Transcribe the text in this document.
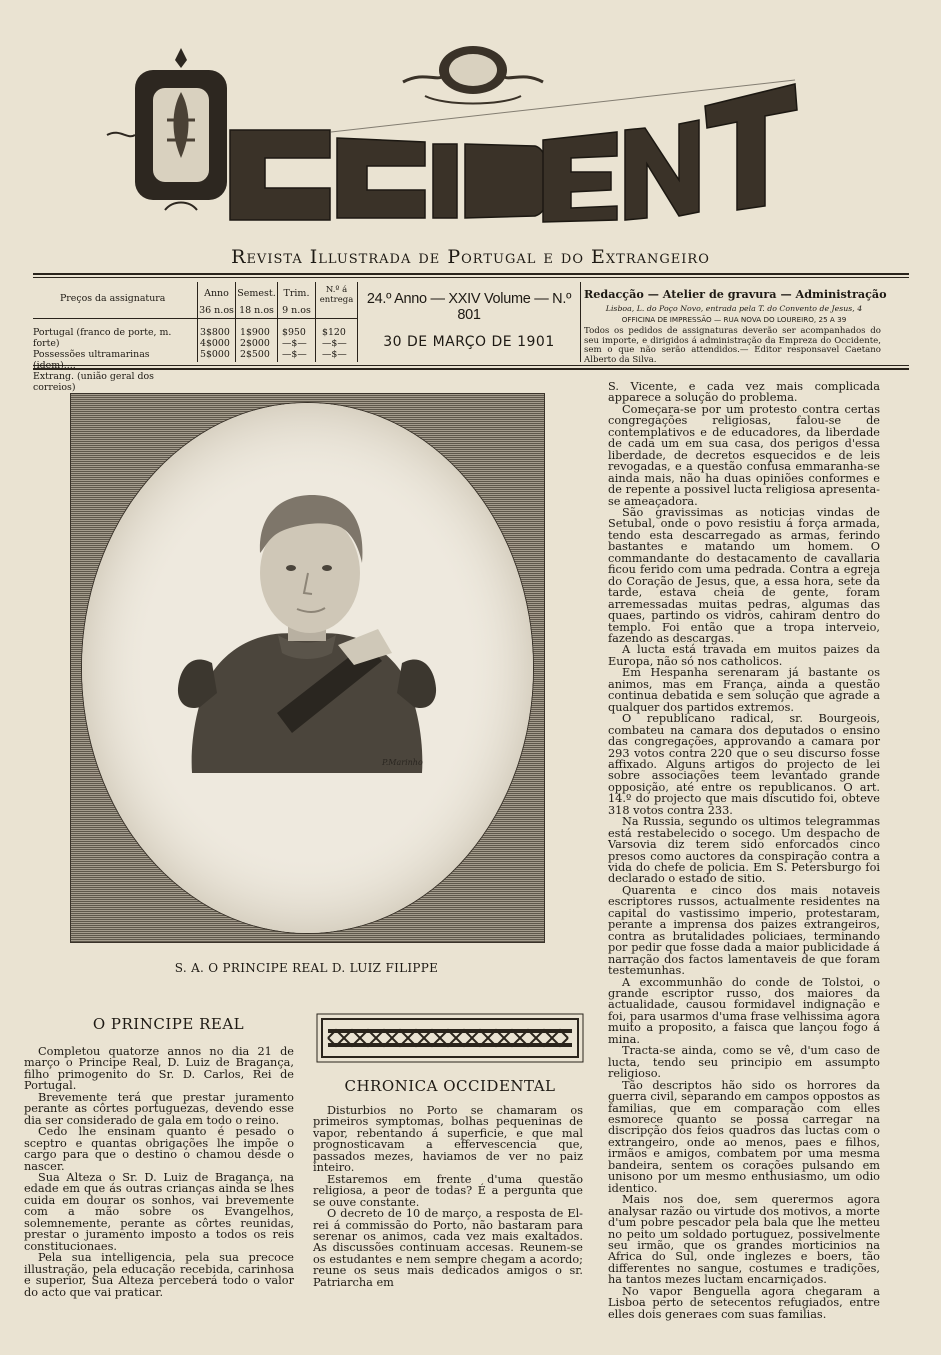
Revista Illustrada de Portugal e do Extrangeiro
Preços da assignatura	Anno
36 n.os
Semest.
18 n.os
Trim.
9 n.os
N.º á entrega
Portugal (franco de porte, m. forte)
Possessões ultramarinas (idem)....
Extrang. (união geral dos correios)
3$800
4$000
5$000
1$900
2$000
2$500
$950
—$—
—$—
$120
—$—
—$—
24.º Anno — XXIV Volume — N.º 801
30 DE MARÇO DE 1901
Redacção — Atelier de gravura — Administração
Lisboa, L. do Poço Novo, entrada pela T. do Convento de Jesus, 4
OFFICINA DE IMPRESSÃO — RUA NOVA DO LOUREIRO, 25 A 39
Todos os pedidos de assignaturas deverão ser acompanhados do seu importe, e dirigidos á administração da Empreza do Occidente, sem o que não serão attendidos.— Editor responsavel Caetano Alberto da Silva.
P.Marinho
S. A. O PRINCIPE REAL D. LUIZ FILIPPE
O PRINCIPE REAL

Completou quatorze annos no dia 21 de março o Principe Real, D. Luiz de Bragança, filho primogenito do Sr. D. Carlos, Rei de Portugal.

Brevemente terá que prestar juramento perante as côrtes portuguezas, devendo esse dia ser considerado de gala em todo o reino.

Cedo lhe ensinam quanto é pesado o sceptro e quantas obrigações lhe impõe o cargo para que o destino o chamou desde o nascer.

Sua Alteza o Sr. D. Luiz de Bragança, na edade em que ás outras crianças ainda se lhes cuida em dourar os sonhos, vai brevemente com a mão sobre os Evangelhos, solemnemente, perante as côrtes reunidas, prestar o juramento imposto a todos os reis constitucionaes.

Pela sua intelligencia, pela sua precoce illustração, pela educação recebida, carinhosa e superior, Sua Alteza perceberá todo o valor do acto que vai praticar.

CHRONICA OCCIDENTAL

Disturbios no Porto se chamaram os primeiros symptomas, bolhas pequeninas de vapor, rebentando á superficie, e que mal prognosticavam a effervescencia que, passados mezes, haviamos de ver no paiz inteiro.

Estaremos em frente d'uma questão religiosa, a peor de todas? É a pergunta que se ouve constante.

O decreto de 10 de março, a resposta de El-rei á commissão do Porto, não bastaram para serenar os animos, cada vez mais exaltados. As discussões continuam accesas. Reunem-se os estudantes e nem sempre chegam a acordo; reune os seus mais dedicados amigos o sr. Patriarcha em

S. Vicente, e cada vez mais complicada apparece a solução do problema.

Começara-se por um protesto contra certas congregações religiosas, falou-se de contemplativos e de educadores, da liberdade de cada um em sua casa, dos perigos d'essa liberdade, de decretos esquecidos e de leis revogadas, e a questão confusa emmaranha-se ainda mais, não ha duas opiniões conformes e de repente a possivel lucta religiosa apresenta-se ameaçadora.

São gravissimas as noticias vindas de Setubal, onde o povo resistiu á força armada, tendo esta descarregado as armas, ferindo bastantes e matando um homem. O commandante do destacamento de cavallaria ficou ferido com uma pedrada. Contra a egreja do Coração de Jesus, que, a essa hora, sete da tarde, estava cheia de gente, foram arremessadas muitas pedras, algumas das quaes, partindo os vidros, cahiram dentro do templo. Foi então que a tropa interveio, fazendo as descargas.

A lucta está travada em muitos paizes da Europa, não só nos catholicos.

Em Hespanha serenaram já bastante os animos, mas em França, ainda a questão continua debatida e sem solução que agrade a qualquer dos partidos extremos.

O republicano radical, sr. Bourgeois, combateu na camara dos deputados o ensino das congregações, approvando a camara por 293 votos contra 220 que o seu discurso fosse affixado. Alguns artigos do projecto de lei sobre associações teem levantado grande opposição, até entre os republicanos. O art. 14.º do projecto que mais discutido foi, obteve 318 votos contra 233.

Na Russia, segundo os ultimos telegrammas está restabelecido o socego. Um despacho de Varsovia diz terem sido enforcados cinco presos como auctores da conspiração contra a vida do chefe de policia. Em S. Petersburgo foi declarado o estado de sitio.

Quarenta e cinco dos mais notaveis escriptores russos, actualmente residentes na capital do vastissimo imperio, protestaram, perante a imprensa dos paizes extrangeiros, contra as brutalidades policiaes, terminando por pedir que fosse dada a maior publicidade á narração dos factos lamentaveis de que foram testemunhas.

A excommunhão do conde de Tolstoi, o grande escriptor russo, dos maiores da actualidade, causou formidavel indignação e foi, para usarmos d'uma frase velhissima agora muito a proposito, a faisca que lançou fogo á mina.

Tracta-se ainda, como se vê, d'um caso de lucta, tendo seu principio em assumpto religioso.

Tão descriptos hão sido os horrores da guerra civil, separando em campos oppostos as familias, que em comparação com elles esmorece quanto se possa carregar na discripção dos feios quadros das luctas com o extrangeiro, onde ao menos, paes e filhos, irmãos e amigos, combatem por uma mesma bandeira, sentem os corações pulsando em unisono por um mesmo enthusiasmo, um odio identico.

Mais nos doe, sem querermos agora analysar razão ou virtude dos motivos, a morte d'um pobre pescador pela bala que lhe metteu no peito um soldado portuguez, possivelmente seu irmão, que os grandes morticinios na Africa do Sul, onde inglezes e boers, tão differentes no sangue, costumes e tradições, ha tantos mezes luctam encarniçados.

No vapor Benguella agora chegaram a Lisboa perto de setecentos refugiados, entre elles dois generaes com suas familias.
